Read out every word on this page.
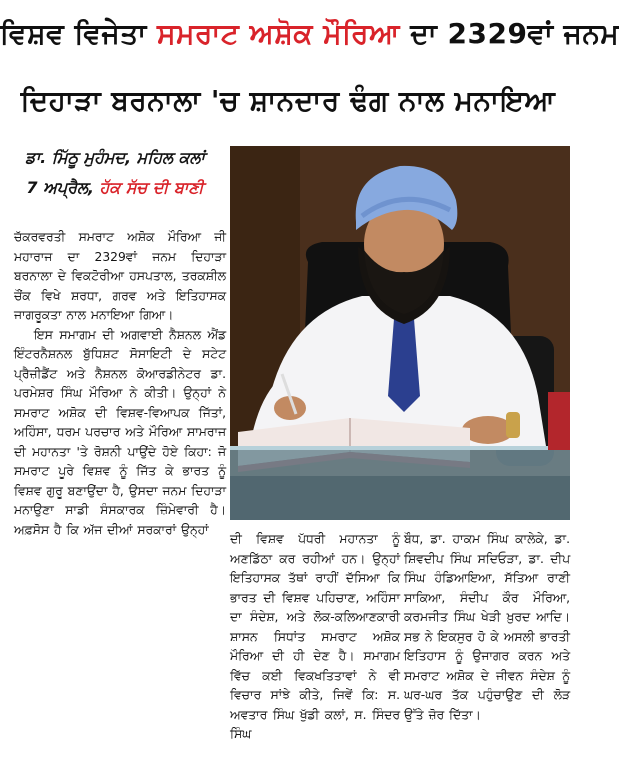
ਵਿਸ਼ਵ ਵਿਜੇਤਾ ਸਮਰਾਟ ਅਸ਼ੋਕ ਮੌਰਿਆ ਦਾ 2329ਵਾਂ ਜਨਮ
ਦਿਹਾੜਾ ਬਰਨਾਲਾ 'ਚ ਸ਼ਾਨਦਾਰ ਢੰਗ ਨਾਲ ਮਨਾਇਆ
ਡਾ. ਮਿੱਠੂ ਮੁਹੰਮਦ, ਮਹਿਲ ਕਲਾਂ
7 ਅਪ੍ਰੈਲ, ਹੱਕ ਸੱਚ ਦੀ ਬਾਣੀ

ਚੱਕਰਵਰਤੀ ਸਮਰਾਟ ਅਸ਼ੋਕ ਮੌਰਿਆ ਜੀ ਮਹਾਰਾਜ ਦਾ 2329ਵਾਂ ਜਨਮ ਦਿਹਾੜਾ ਬਰਨਾਲਾ ਦੇ ਵਿਕਟੋਰੀਆ ਹਸਪਤਾਲ, ਤਰਕਸ਼ੀਲ ਚੌਂਕ ਵਿਖੇ ਸ਼ਰਧਾ, ਗਰਵ ਅਤੇ ਇਤਿਹਾਸਕ ਜਾਗਰੂਕਤਾ ਨਾਲ ਮਨਾਇਆ ਗਿਆ।

ਇਸ ਸਮਾਗਮ ਦੀ ਅਗਵਾਈ ਨੈਸ਼ਨਲ ਐਂਡ ਇੰਟਰਨੈਸ਼ਨਲ ਬੁੱਧਿਸ਼ਟ ਸੋਸਾਇਟੀ ਦੇ ਸਟੇਟ ਪ੍ਰੈਜ਼ੀਡੈਂਟ ਅਤੇ ਨੈਸ਼ਨਲ ਕੋਆਰਡੀਨੇਟਰ ਡਾ. ਪਰਮੇਸ਼ਰ ਸਿੰਘ ਮੌਰਿਆ ਨੇ ਕੀਤੀ। ਉਨ੍ਹਾਂ ਨੇ ਸਮਰਾਟ ਅਸ਼ੋਕ ਦੀ ਵਿਸ਼ਵ-ਵਿਆਪਕ ਜਿੱਤਾਂ, ਅਹਿੰਸਾ, ਧਰਮ ਪਰਚਾਰ ਅਤੇ ਮੌਰਿਆ ਸਾਮਰਾਜ ਦੀ ਮਹਾਨਤਾ 'ਤੇ ਰੋਸ਼ਨੀ ਪਾਉਂਦੇ ਹੋਏ ਕਿਹਾ: ਜੋ ਸਮਰਾਟ ਪੂਰੇ ਵਿਸ਼ਵ ਨੂੰ ਜਿੱਤ ਕੇ ਭਾਰਤ ਨੂੰ ਵਿਸ਼ਵ ਗੁਰੂ ਬਣਾਉਂਦਾ ਹੈ, ਉਸਦਾ ਜਨਮ ਦਿਹਾੜਾ ਮਨਾਉਣਾ ਸਾਡੀ ਸੰਸਕਾਰਕ ਜ਼ਿੰਮੇਵਾਰੀ ਹੈ। ਅਫ਼ਸੋਸ ਹੈ ਕਿ ਅੱਜ ਦੀਆਂ ਸਰਕਾਰਾਂ ਉਨ੍ਹਾਂ

ਦੀ ਵਿਸ਼ਵ ਪੱਧਰੀ ਮਹਾਨਤਾ ਨੂੰ ਅਣਡਿੱਠਾ ਕਰ ਰਹੀਆਂ ਹਨ। ਉਨ੍ਹਾਂ ਇਤਿਹਾਸਕ ਤੱਥਾਂ ਰਾਹੀਂ ਦੱਸਿਆ ਕਿ ਭਾਰਤ ਦੀ ਵਿਸ਼ਵ ਪਹਿਚਾਣ, ਅਹਿੰਸਾ ਦਾ ਸੰਦੇਸ਼, ਅਤੇ ਲੋਕ-ਕਲਿਆਣਕਾਰੀ ਸ਼ਾਸਨ ਸਿਧਾਂਤ ਸਮਰਾਟ ਅਸ਼ੋਕ ਮੌਰਿਆ ਦੀ ਹੀ ਦੇਣ ਹੈ। ਸਮਾਗਮ ਵਿੱਚ ਕਈ ਵਿਕਖਤਿਤਾਵਾਂ ਨੇ ਵੀ ਵਿਚਾਰ ਸਾਂਝੇ ਕੀਤੇ, ਜਿਵੇਂ ਕਿ: ਸ. ਅਵਤਾਰ ਸਿੰਘ ਖੁੱਡੀ ਕਲਾਂ, ਸ. ਸਿੰਦਰ ਸਿੰਘ

ਬੌਧ, ਡਾ. ਹਾਕਮ ਸਿੰਘ ਕਾਲੇਕੇ, ਡਾ. ਸ਼ਿਵਦੀਪ ਸਿੰਘ ਸਦਿਓੜਾ, ਡਾ. ਦੀਪ ਸਿੰਘ ਹੰਡਿਆਇਆ, ਸੱਤਿਆ ਰਾਣੀ ਸਾਕਿਆ, ਸੰਦੀਪ ਕੌਰ ਮੌਰਿਆ, ਕਰਮਜੀਤ ਸਿੰਘ ਖੇੜੀ ਖ਼ੁਰਦ ਆਦਿ। ਸਭ ਨੇ ਇਕਸੁਰ ਹੋ ਕੇ ਅਸਲੀ ਭਾਰਤੀ ਇਤਿਹਾਸ ਨੂੰ ਉਜਾਗਰ ਕਰਨ ਅਤੇ ਸਮਰਾਟ ਅਸ਼ੋਕ ਦੇ ਜੀਵਨ ਸੰਦੇਸ਼ ਨੂੰ ਘਰ-ਘਰ ਤੱਕ ਪਹੁੰਚਾਉਣ ਦੀ ਲੋੜ ਉੱਤੇ ਜ਼ੋਰ ਦਿੱਤਾ।
